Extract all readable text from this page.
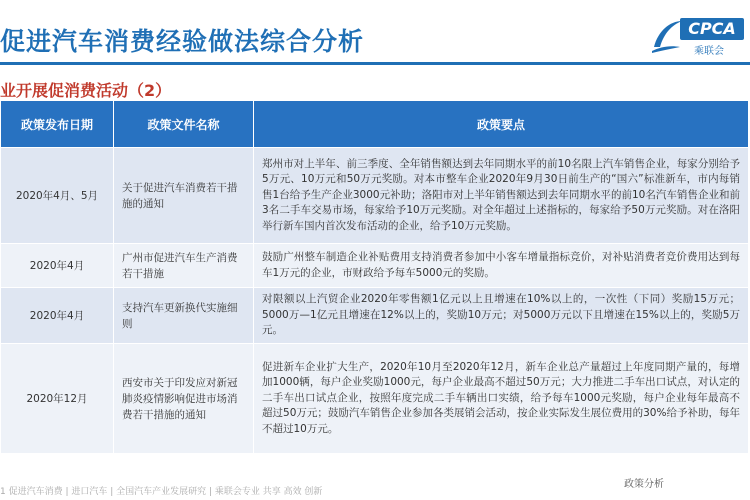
促进汽车消费经验做法综合分析	CPCA
乘联会
业开展促消费活动（2）
政策发布日期	政策文件名称	政策要点
2020年4月、5月	关于促进汽车消费若干措施的通知	郑州市对上半年、前三季度、全年销售额达到去年同期水平的前10名限上汽车销售企业，每家分别给予5万元、10万元和50万元奖励。对本市整车企业2020年9月30日前生产的“国六”标准新车，市内每销售1台给予生产企业3000元补助；洛阳市对上半年销售额达到去年同期水平的前10名汽车销售企业和前3名二手车交易市场，每家给予10万元奖励。对全年超过上述指标的，每家给予50万元奖励。对在洛阳举行新车国内首次发布活动的企业，给予10万元奖励。
2020年4月	广州市促进汽车生产消费若干措施	鼓励广州整车制造企业补贴费用支持消费者参加中小客车增量指标竞价，对补贴消费者竞价费用达到每车1万元的企业，市财政给予每车5000元的奖励。
2020年4月	支持汽车更新换代实施细则	对限额以上汽贸企业2020年零售额1亿元以上且增速在10%以上的，一次性（下同）奖励15万元；5000万—1亿元且增速在12%以上的，奖励10万元；对5000万元以下且增速在15%以上的，奖励5万元。
2020年12月	西安市关于印发应对新冠肺炎疫情影响促进市场消费若干措施的通知	促进新车企业扩大生产，2020年10月至2020年12月，新车企业总产量超过上年度同期产量的，每增加1000辆，每户企业奖励1000元，每户企业最高不超过50万元；大力推进二手车出口试点，对认定的二手车出口试点企业，按照年度完成二手车辆出口实绩，给予每车1000元奖励，每户企业每年最高不超过50万元；鼓励汽车销售企业参加各类展销会活动，按企业实际发生展位费用的30%给予补助，每年不超过10万元。
1 促进汽车消费 | 进口汽车 | 全国汽车产业发展研究 | 乘联会专业 共享 高效 创新
政策分析
